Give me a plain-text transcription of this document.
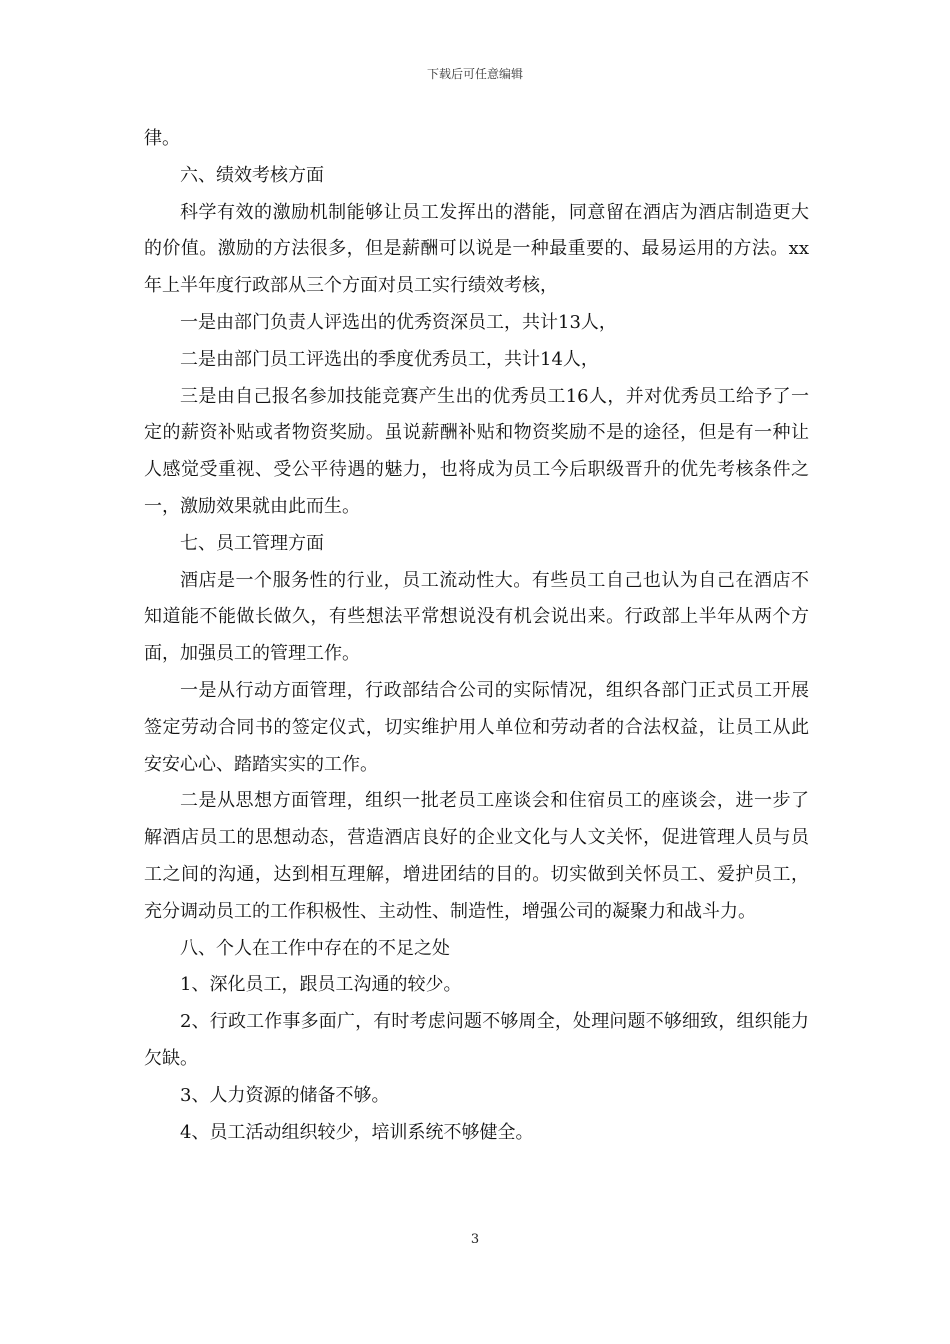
下载后可任意编辑

律。

六、绩效考核方面

科学有效的激励机制能够让员工发挥出的潜能，同意留在酒店为酒店制造更大的价值。激励的方法很多，但是薪酬可以说是一种最重要的、最易运用的方法。xx年上半年度行政部从三个方面对员工实行绩效考核，

一是由部门负责人评选出的优秀资深员工，共计13人，

二是由部门员工评选出的季度优秀员工，共计14人，

三是由自己报名参加技能竞赛产生出的优秀员工16人，并对优秀员工给予了一定的薪资补贴或者物资奖励。虽说薪酬补贴和物资奖励不是的途径，但是有一种让人感觉受重视、受公平待遇的魅力，也将成为员工今后职级晋升的优先考核条件之一，激励效果就由此而生。

七、员工管理方面

酒店是一个服务性的行业，员工流动性大。有些员工自己也认为自己在酒店不知道能不能做长做久，有些想法平常想说没有机会说出来。行政部上半年从两个方面，加强员工的管理工作。

一是从行动方面管理，行政部结合公司的实际情况，组织各部门正式员工开展签定劳动合同书的签定仪式，切实维护用人单位和劳动者的合法权益，让员工从此安安心心、踏踏实实的工作。

二是从思想方面管理，组织一批老员工座谈会和住宿员工的座谈会，进一步了解酒店员工的思想动态，营造酒店良好的企业文化与人文关怀，促进管理人员与员工之间的沟通，达到相互理解，增进团结的目的。切实做到关怀员工、爱护员工，充分调动员工的工作积极性、主动性、制造性，增强公司的凝聚力和战斗力。

八、个人在工作中存在的不足之处

1、深化员工，跟员工沟通的较少。

2、行政工作事多面广，有时考虑问题不够周全，处理问题不够细致，组织能力欠缺。

3、人力资源的储备不够。

4、员工活动组织较少，培训系统不够健全。

3
